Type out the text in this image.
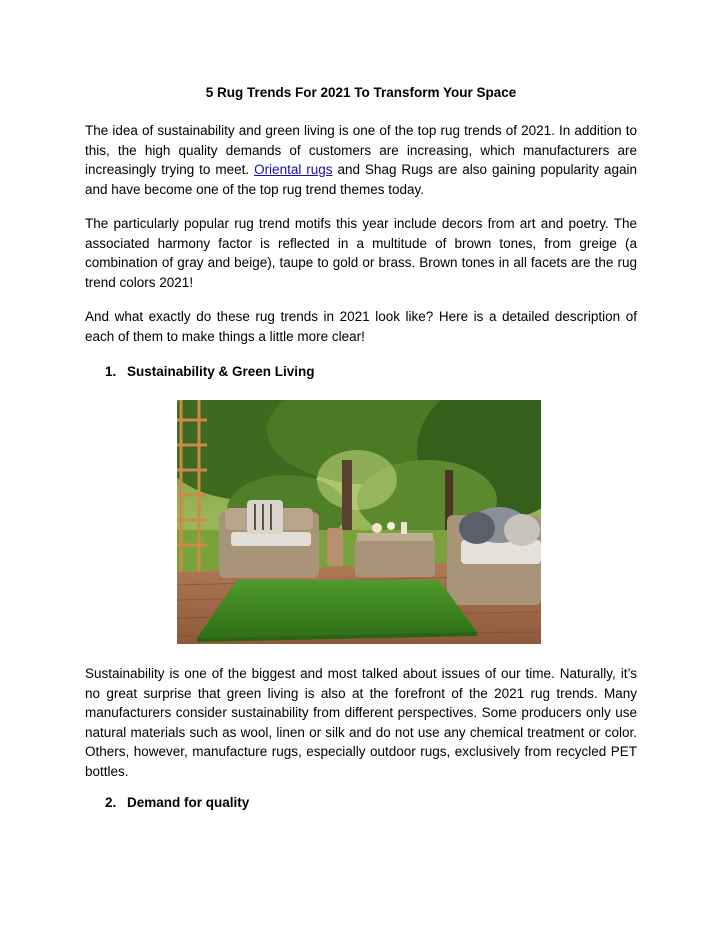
5 Rug Trends For 2021 To Transform Your Space

The idea of sustainability and green living is one of the top rug trends of 2021. In addition to this, the high quality demands of customers are increasing, which manufacturers are increasingly trying to meet. Oriental rugs and Shag Rugs are also gaining popularity again and have become one of the top rug trend themes today.

The particularly popular rug trend motifs this year include decors from art and poetry. The associated harmony factor is reflected in a multitude of brown tones, from greige (a combination of gray and beige), taupe to gold or brass. Brown tones in all facets are the rug trend colors 2021!

And what exactly do these rug trends in 2021 look like? Here is a detailed description of each of them to make things a little more clear!

1. Sustainability & Green Living

Sustainability is one of the biggest and most talked about issues of our time. Naturally, it’s no great surprise that green living is also at the forefront of the 2021 rug trends. Many manufacturers consider sustainability from different perspectives. Some producers only use natural materials such as wool, linen or silk and do not use any chemical treatment or color. Others, however, manufacture rugs, especially outdoor rugs, exclusively from recycled PET bottles.

2. Demand for quality
